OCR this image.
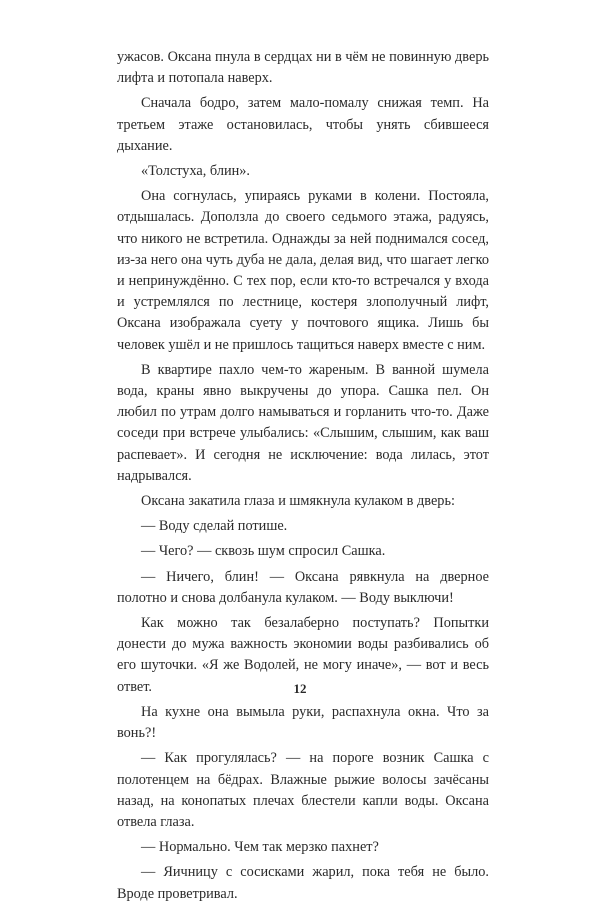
ужасов. Оксана пнула в сердцах ни в чём не повинную дверь лифта и потопала наверх.

Сначала бодро, затем мало-помалу снижая темп. На третьем этаже остановилась, чтобы унять сбившееся дыхание.

«Толстуха, блин».

Она согнулась, упираясь руками в колени. Постояла, отдышалась. Доползла до своего седьмого этажа, радуясь, что никого не встретила. Однажды за ней поднимался сосед, из-за него она чуть дуба не дала, делая вид, что шагает легко и непринуждённо. С тех пор, если кто-то встречался у входа и устремлялся по лестнице, костеря злополучный лифт, Оксана изображала суету у почтового ящика. Лишь бы человек ушёл и не пришлось тащиться наверх вместе с ним.

В квартире пахло чем-то жареным. В ванной шумела вода, краны явно выкручены до упора. Сашка пел. Он любил по утрам долго намываться и горланить что-то. Даже соседи при встрече улыбались: «Слышим, слышим, как ваш распевает». И сегодня не исключение: вода лилась, этот надрывался.

Оксана закатила глаза и шмякнула кулаком в дверь:

— Воду сделай потише.

— Чего? — сквозь шум спросил Сашка.

— Ничего, блин! — Оксана рявкнула на дверное полотно и снова долбанула кулаком. — Воду выключи!

Как можно так безалаберно поступать? Попытки донести до мужа важность экономии воды разбивались об его шуточки. «Я же Водолей, не могу иначе», — вот и весь ответ.

На кухне она вымыла руки, распахнула окна. Что за вонь?!

— Как прогулялась? — на пороге возник Сашка с полотенцем на бёдрах. Влажные рыжие волосы зачёсаны назад, на конопатых плечах блестели капли воды. Оксана отвела глаза.

— Нормально. Чем так мерзко пахнет?

— Яичницу с сосисками жарил, пока тебя не было. Вроде проветривал.

12
